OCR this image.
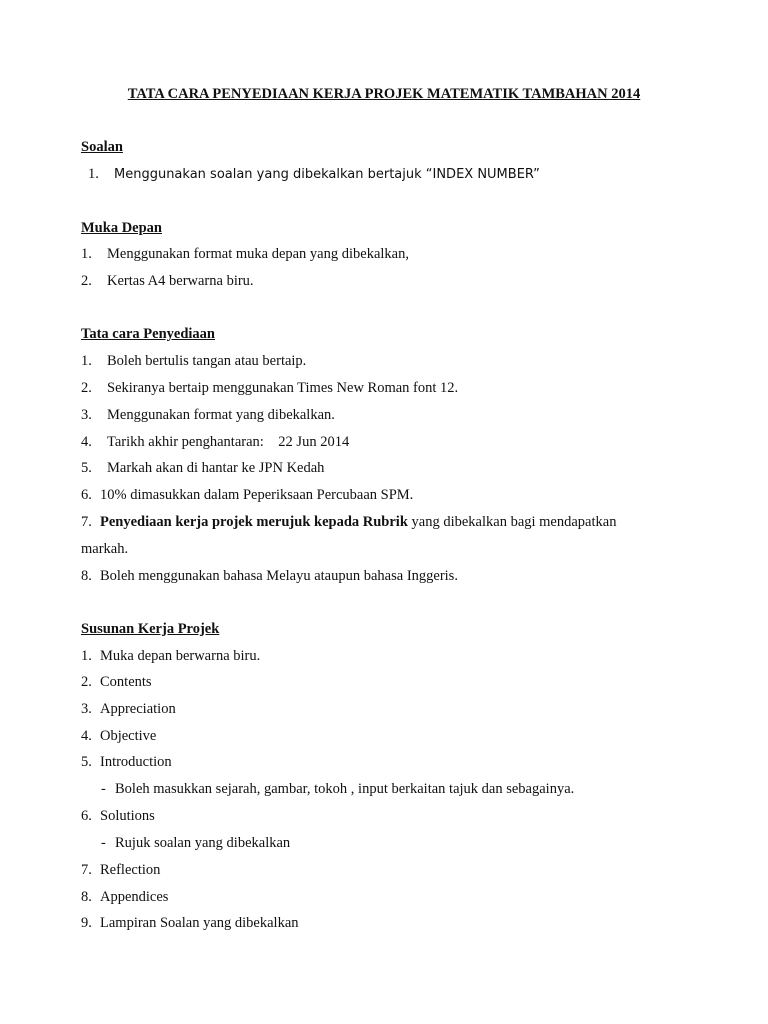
TATA CARA PENYEDIAAN KERJA PROJEK MATEMATIK TAMBAHAN 2014
Soalan
1. Menggunakan soalan yang dibekalkan bertajuk “INDEX NUMBER”
Muka Depan
1. Menggunakan format muka depan yang dibekalkan,
2. Kertas A4 berwarna biru.
Tata cara Penyediaan
1. Boleh bertulis tangan atau bertaip.
2. Sekiranya bertaip menggunakan Times New Roman font 12.
3. Menggunakan format yang dibekalkan.
4. Tarikh akhir penghantaran:    22 Jun 2014
5. Markah akan di hantar ke JPN Kedah
6. 10% dimasukkan dalam Peperiksaan Percubaan SPM.
7. Penyediaan kerja projek merujuk kepada Rubrik yang dibekalkan bagi mendapatkan
markah.
8. Boleh menggunakan bahasa Melayu ataupun bahasa Inggeris.
Susunan Kerja Projek
1. Muka depan berwarna biru.
2. Contents
3. Appreciation
4. Objective
5. Introduction
- Boleh masukkan sejarah, gambar, tokoh , input berkaitan tajuk dan sebagainya.
6. Solutions
- Rujuk soalan yang dibekalkan
7. Reflection
8. Appendices
9. Lampiran Soalan yang dibekalkan
